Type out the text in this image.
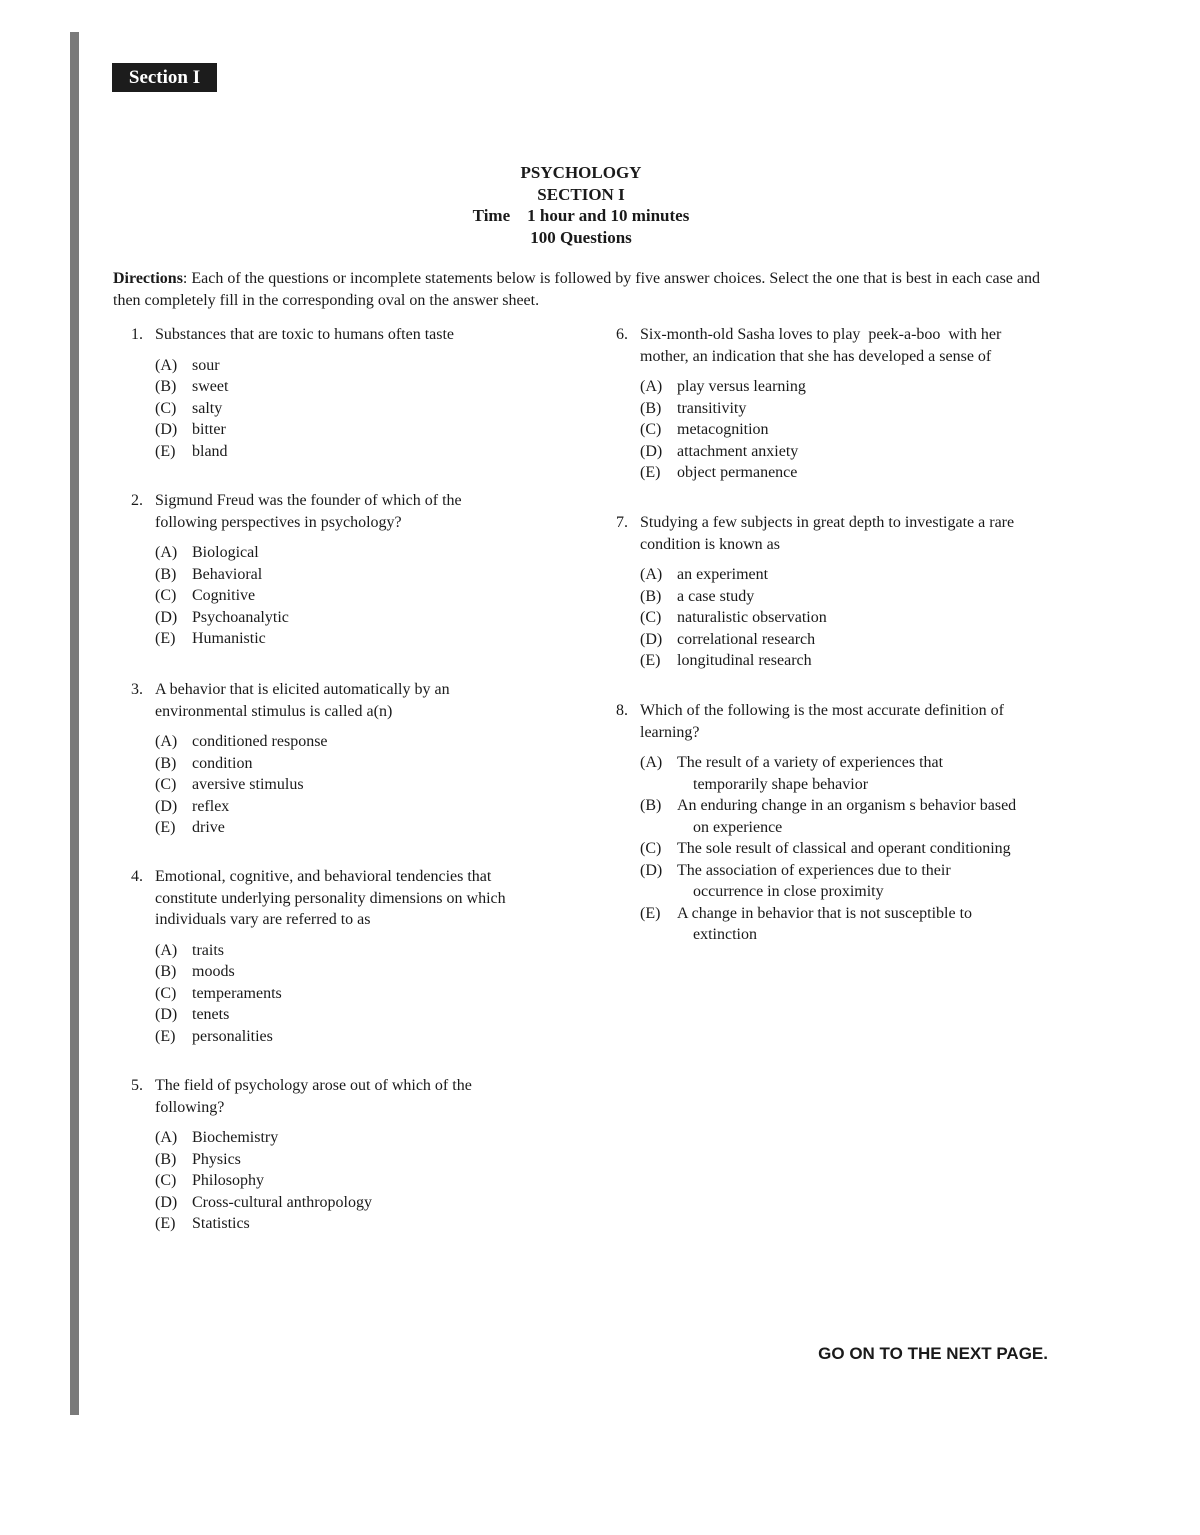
Section I
PSYCHOLOGY
SECTION I
Time    1 hour and 10 minutes
100 Questions
Directions: Each of the questions or incomplete statements below is followed by five answer choices. Select the one that is best in each case and then completely fill in the corresponding oval on the answer sheet.
1. Substances that are toxic to humans often taste
(A) sour
(B) sweet
(C) salty
(D) bitter
(E)	bland
2. Sigmund Freud was the founder of which of the following perspectives in psychology?
(A) Biological
(B) Behavioral
(C) Cognitive
(D) Psychoanalytic
(E)	Humanistic
3. A behavior that is elicited automatically by an environmental stimulus is called a(n)
(A) conditioned response
(B) condition
(C) aversive stimulus
(D) reflex
(E)	drive
4. Emotional, cognitive, and behavioral tendencies that constitute underlying personality dimensions on which individuals vary are referred to as
(A) traits
(B) moods
(C) temperaments
(D) tenets
(E)	personalities
5. The field of psychology arose out of which of the following?
(A) Biochemistry
(B) Physics
(C) Philosophy
(D) Cross-cultural anthropology
(E)	Statistics
6. Six-month-old Sasha loves to play  peek-a-boo  with her mother, an indication that she has developed a sense of
(A) play versus learning
(B) transitivity
(C) metacognition
(D) attachment anxiety
(E)	object permanence
7. Studying a few subjects in great depth to investigate a rare condition is known as
(A) an experiment
(B) a case study
(C) naturalistic observation
(D) correlational research
(E)	longitudinal research
8. Which of the following is the most accurate definition of learning?
(A) The result of a variety of experiences that temporarily shape behavior
(B) An enduring change in an organism s behavior based on experience
(C) The sole result of classical and operant conditioning
(D) The association of experiences due to their occurrence in close proximity
(E)	A change in behavior that is not susceptible to extinction
GO ON TO THE NEXT PAGE.
